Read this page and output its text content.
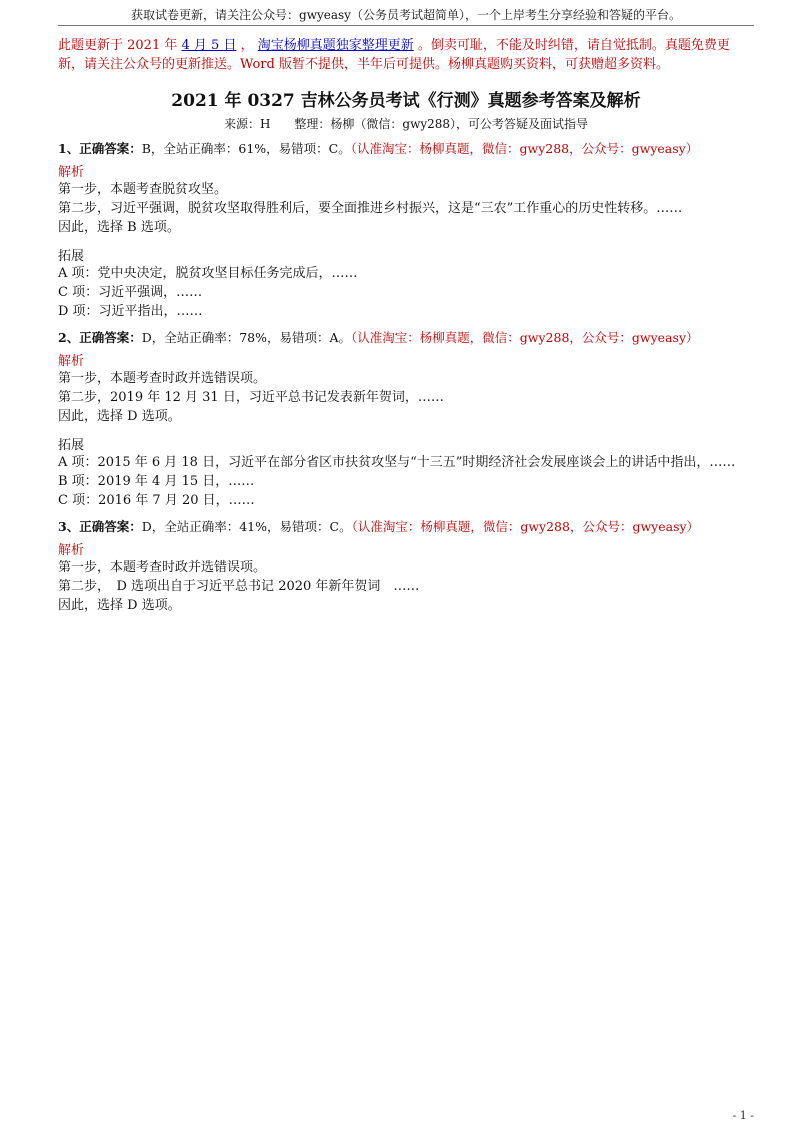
获取试卷更新，请关注公众号：gwyeasy（公务员考试超简单），一个上岸考生分享经验和答疑的平台。
此题更新于 2021 年 4 月 5 日 ， 淘宝杨柳真题独家整理更新 。倒卖可耻，不能及时纠错，请自觉抵制。真题免费更新，请关注公众号的更新推送。Word 版暂不提供，半年后可提供。杨柳真题购买资料，可获赠超多资料。
2021 年 0327 吉林公务员考试《行测》真题参考答案及解析
来源：H　　整理：杨柳（微信：gwy288），可公考答疑及面试指导
1、正确答案：B，全站正确率：61%，易错项：C。（认准淘宝：杨柳真题，微信：gwy288，公众号：gwyeasy）
解析
第一步，本题考查脱贫攻坚。
第二步，习近平强调，脱贫攻坚取得胜利后，要全面推进乡村振兴，这是“三农”工作重心的历史性转移。……
因此，选择 B 选项。
拓展
A 项：党中央决定，脱贫攻坚目标任务完成后，……
C 项：习近平强调，……
D 项：习近平指出，……
2、正确答案：D，全站正确率：78%，易错项：A。（认准淘宝：杨柳真题，微信：gwy288，公众号：gwyeasy）
解析
第一步，本题考查时政并选错误项。
第二步，2019 年 12 月 31 日，习近平总书记发表新年贺词，……
因此，选择 D 选项。
拓展
A 项：2015 年 6 月 18 日，习近平在部分省区市扶贫攻坚与“十三五”时期经济社会发展座谈会上的讲话中指出，……
B 项：2019 年 4 月 15 日，……
C 项：2016 年 7 月 20 日，……
3、正确答案：D，全站正确率：41%，易错项：C。（认准淘宝：杨柳真题，微信：gwy288，公众号：gwyeasy）
解析
第一步，本题考查时政并选错误项。
第二步，　D 选项出自于习近平总书记 2020 年新年贺词　……
因此，选择 D 选项。
- 1 -
